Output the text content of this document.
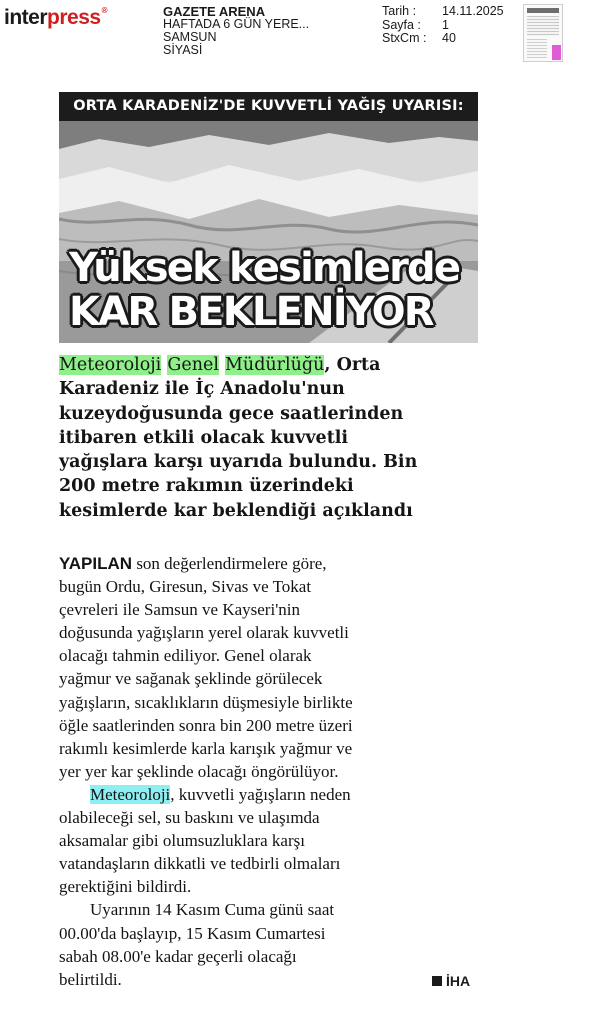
interpress®	GAZETE ARENA
HAFTADA 6 GÜN YERE...
SAMSUN
SİYASİ
Tarih :	14.11.2025
Sayfa :	1
StxCm :	40
ORTA KARADENİZ'DE KUVVETLİ YAĞIŞ UYARISI:
Yüksek kesimlerde
KAR BEKLENİYOR
Meteoroloji Genel Müdürlüğü, Orta
Karadeniz ile İç Anadolu'nun
kuzeydoğusunda gece saatlerinden
itibaren etkili olacak kuvvetli
yağışlara karşı uyarıda bulundu. Bin
200 metre rakımın üzerindeki
kesimlerde kar beklendiği açıklandı
YAPILAN son değerlendirmelere göre,
bugün Ordu, Giresun, Sivas ve Tokat
çevreleri ile Samsun ve Kayseri'nin
doğusunda yağışların yerel olarak kuvvetli
olacağı tahmin ediliyor. Genel olarak
yağmur ve sağanak şeklinde görülecek
yağışların, sıcaklıkların düşmesiyle birlikte
öğle saatlerinden sonra bin 200 metre üzeri
rakımlı kesimlerde karla karışık yağmur ve
yer yer kar şeklinde olacağı öngörülüyor.
Meteoroloji, kuvvetli yağışların neden
olabileceği sel, su baskını ve ulaşımda
aksamalar gibi olumsuzluklara karşı
vatandaşların dikkatli ve tedbirli olmaları
gerektiğini bildirdi.
Uyarının 14 Kasım Cuma günü saat
00.00'da başlayıp, 15 Kasım Cumartesi
sabah 08.00'e kadar geçerli olacağı
belirtildi.	İHA
